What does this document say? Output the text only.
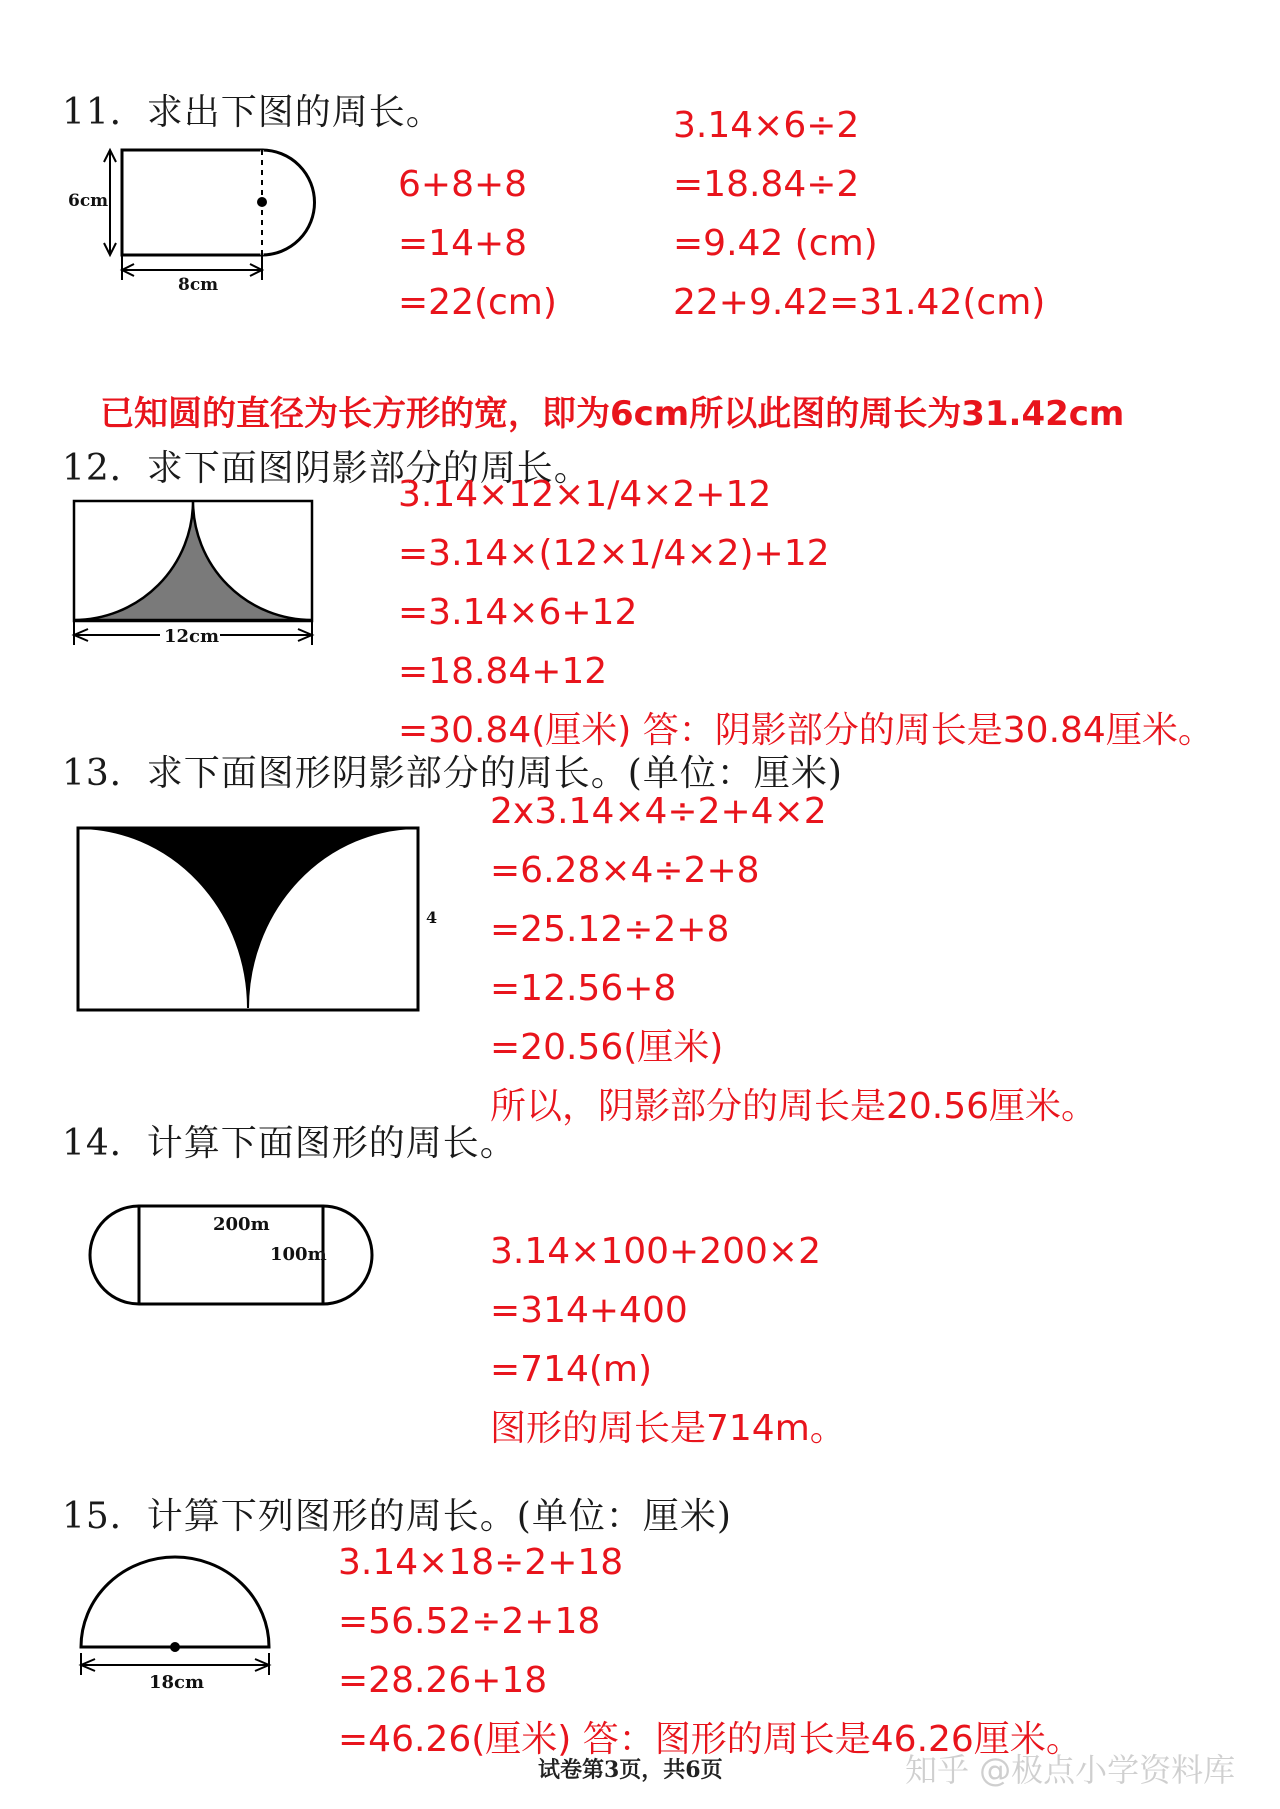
11．求出下图的周长。
6cm
8cm
6+8+8
=14+8
=22(cm)
3.14×6÷2
=18.84÷2
=9.42 (cm)
22+9.42=31.42(cm)
已知圆的直径为长方形的宽，即为6cm所以此图的周长为31.42cm
12．求下面图阴影部分的周长。
12cm
3.14×12×1/4×2+12
=3.14×(12×1/4×2)+12
=3.14×6+12
=18.84+12
=30.84(厘米) 答：阴影部分的周长是30.84厘米。
13．求下面图形阴影部分的周长。(单位：厘米)
4
2x3.14×4÷2+4×2
=6.28×4÷2+8
=25.12÷2+8
=12.56+8
=20.56(厘米)
所以，阴影部分的周长是20.56厘米。
14．计算下面图形的周长。
200m
100m	3.14×100+200×2
=314+400
=714(m)
图形的周长是714m。
15．计算下列图形的周长。(单位：厘米)
18cm
3.14×18÷2+18
=56.52÷2+18
=28.26+18
=46.26(厘米) 答：图形的周长是46.26厘米。
试卷第3页，共6页	知乎 @极点小学资料库
